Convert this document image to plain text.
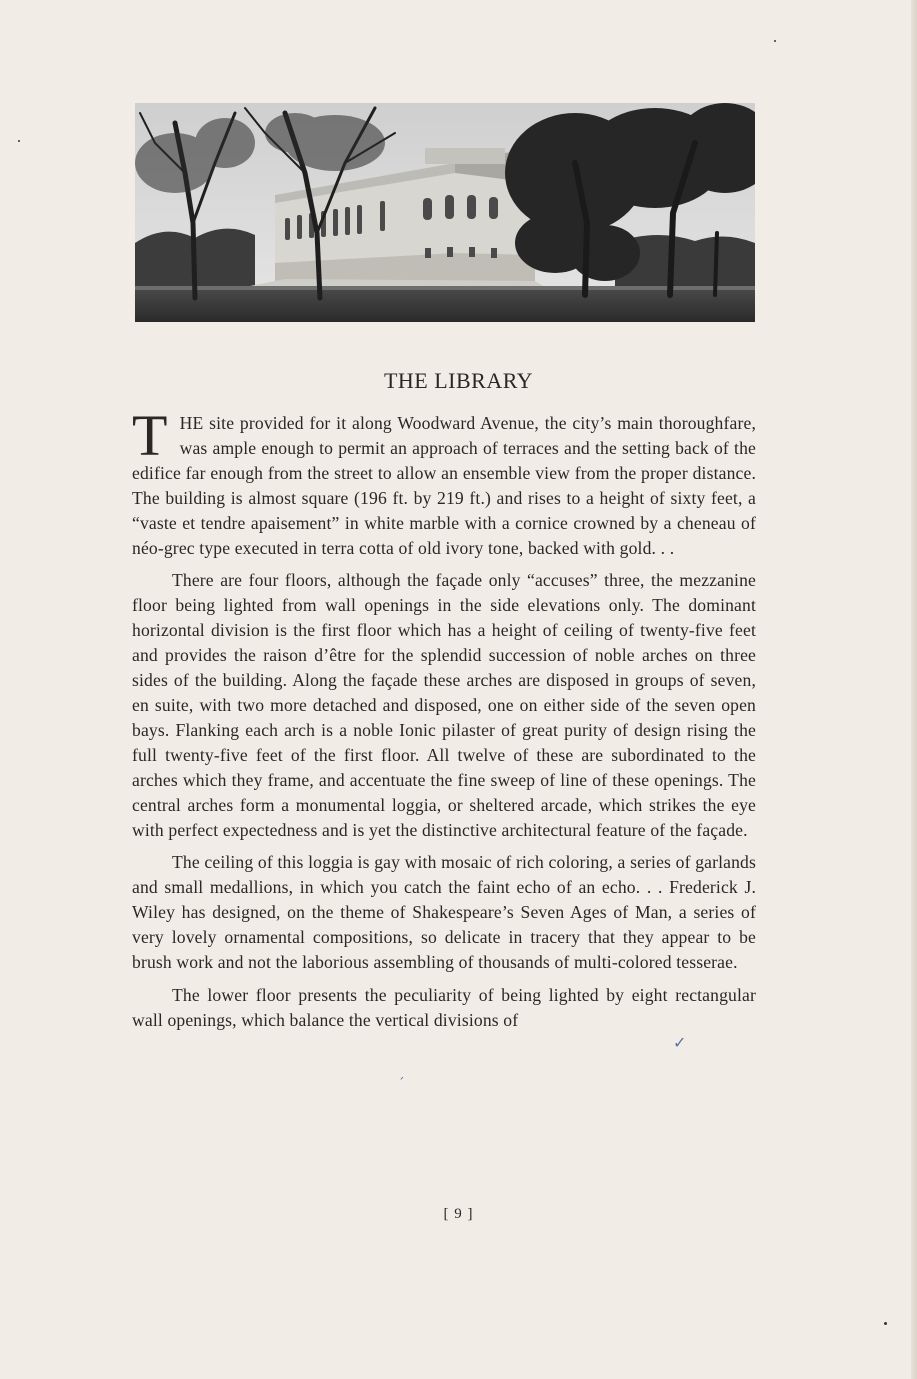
THE LIBRARY

THE site provided for it along Woodward Avenue, the city’s main thoroughfare, was ample enough to permit an approach of terraces and the setting back of the edifice far enough from the street to allow an ensemble view from the proper distance. The building is almost square (196 ft. by 219 ft.) and rises to a height of sixty feet, a “vaste et tendre apaisement” in white marble with a cornice crowned by a cheneau of néo-grec type executed in terra cotta of old ivory tone, backed with gold. . .

There are four floors, although the façade only “accuses” three, the mezzanine floor being lighted from wall openings in the side elevations only. The dominant horizontal division is the first floor which has a height of ceiling of twenty-five feet and provides the raison d’être for the splendid succession of noble arches on three sides of the building. Along the façade these arches are disposed in groups of seven, en suite, with two more detached and disposed, one on either side of the seven open bays. Flanking each arch is a noble Ionic pilaster of great purity of design rising the full twenty-five feet of the first floor. All twelve of these are subordinated to the arches which they frame, and accentuate the fine sweep of line of these openings. The central arches form a monumental loggia, or sheltered arcade, which strikes the eye with perfect expectedness and is yet the distinctive architectural feature of the façade.

The ceiling of this loggia is gay with mosaic of rich coloring, a series of garlands and small medallions, in which you catch the faint echo of an echo. . . Frederick J. Wiley has designed, on the theme of Shakespeare’s Seven Ages of Man, a series of very lovely ornamental compositions, so delicate in tracery that they appear to be brush work and not the laborious assembling of thousands of multi-colored tesserae.

The lower floor presents the peculiarity of being lighted by eight rectangular wall openings, which balance the vertical divisions of

✓
´
[ 9 ]
